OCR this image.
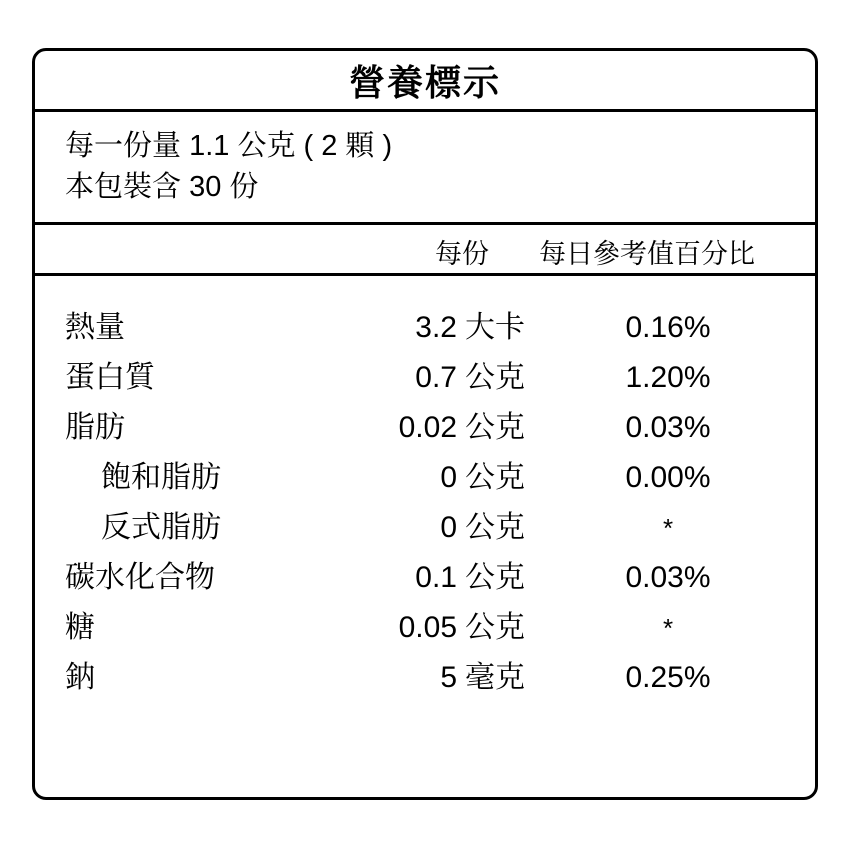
營養標示
每一份量 1.1 公克 ( 2 顆 )
本包裝含 30 份
每份	每日參考值百分比
熱量	3.2 大卡	0.16%
蛋白質	0.7 公克	1.20%
脂肪	0.02 公克	0.03%
飽和脂肪	0 公克	0.00%
反式脂肪	0 公克	*
碳水化合物	0.1 公克	0.03%
糖	0.05 公克	*
鈉	5 毫克	0.25%
